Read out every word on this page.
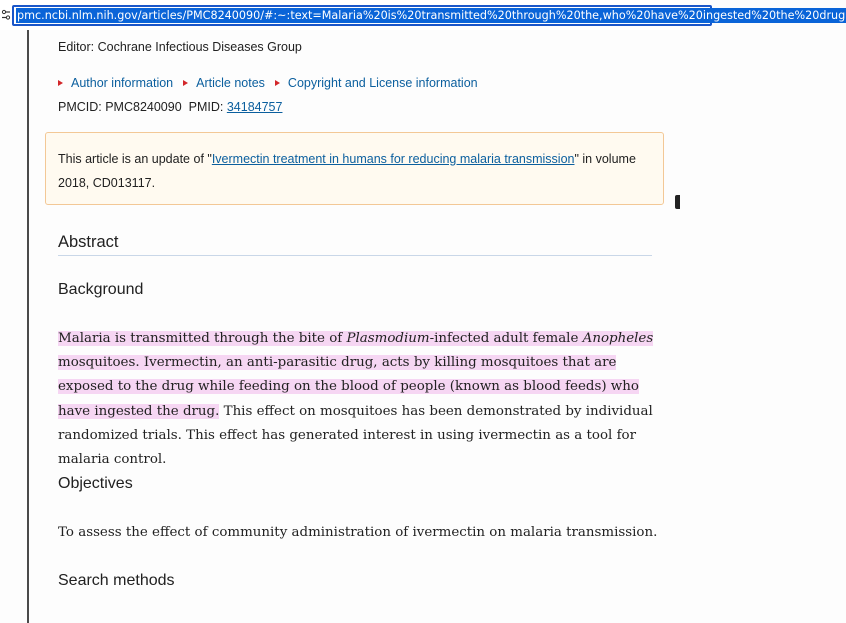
pmc.ncbi.nlm.nih.gov/articles/PMC8240090/#:~:text=Malaria%20is%20transmitted%20through%20the,who%20have%20ingested%20the%20drug
Editor: Cochrane Infectious Diseases Group
Author information Article notes Copyright and License information
PMCID: PMC8240090 PMID: 34184757
This article is an update of "Ivermectin treatment in humans for reducing malaria transmission" in volume 2018, CD013117.
Abstract
Background

Malaria is transmitted through the bite of Plasmodium-infected adult female Anopheles mosquitoes. Ivermectin, an anti-parasitic drug, acts by killing mosquitoes that are exposed to the drug while feeding on the blood of people (known as blood feeds) who have ingested the drug. This effect on mosquitoes has been demonstrated by individual randomized trials. This effect has generated interest in using ivermectin as a tool for malaria control.

Objectives

To assess the effect of community administration of ivermectin on malaria transmission.

Search methods
